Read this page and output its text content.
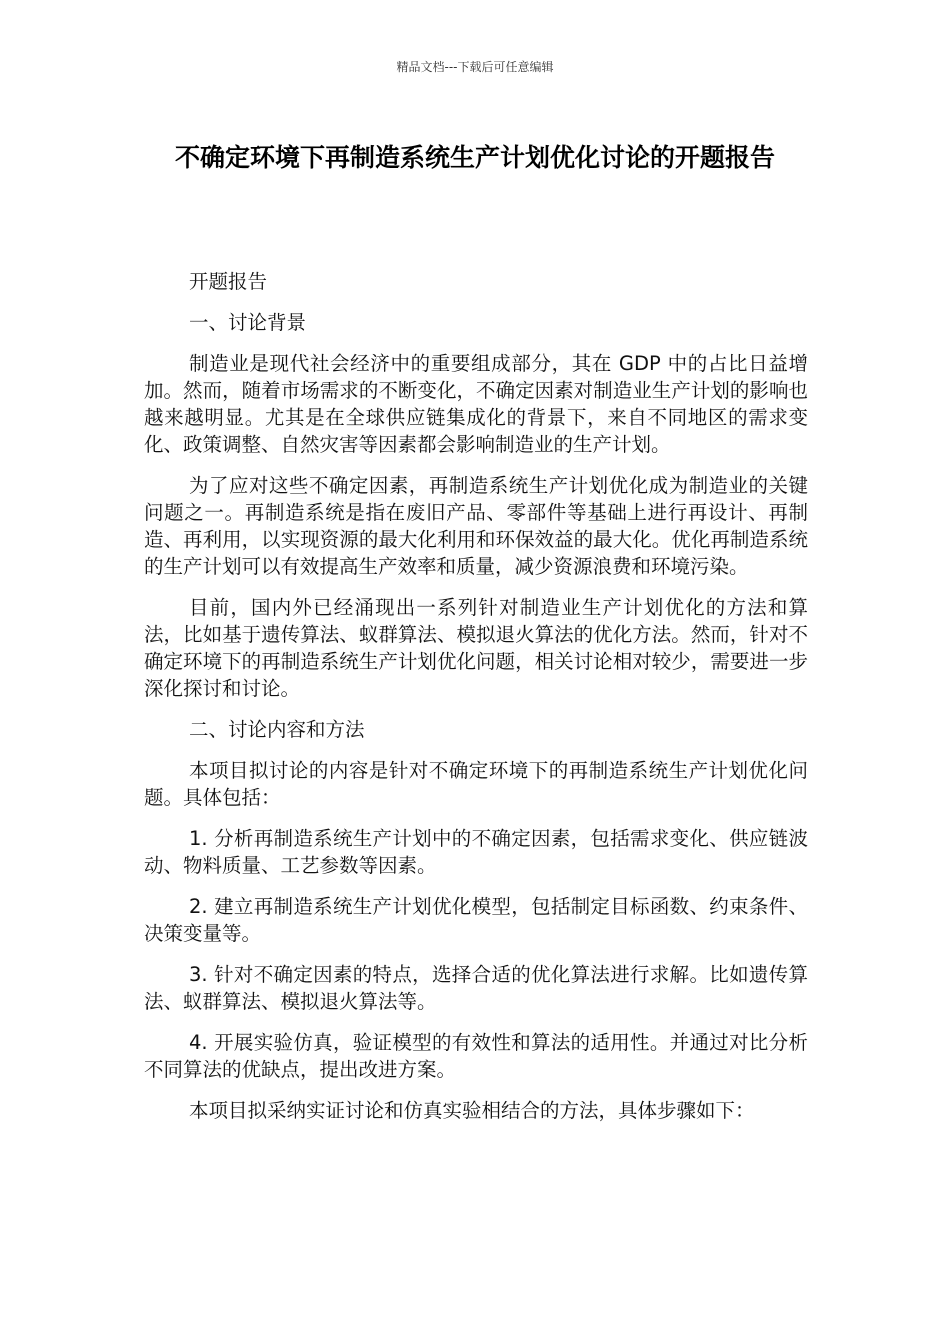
精品文档---下载后可任意编辑
不确定环境下再制造系统生产计划优化讨论的开题报告

开题报告

一、讨论背景

制造业是现代社会经济中的重要组成部分，其在 GDP 中的占比日益增加。然而，随着市场需求的不断变化，不确定因素对制造业生产计划的影响也越来越明显。尤其是在全球供应链集成化的背景下，来自不同地区的需求变化、政策调整、自然灾害等因素都会影响制造业的生产计划。

为了应对这些不确定因素，再制造系统生产计划优化成为制造业的关键问题之一。再制造系统是指在废旧产品、零部件等基础上进行再设计、再制造、再利用，以实现资源的最大化利用和环保效益的最大化。优化再制造系统的生产计划可以有效提高生产效率和质量，减少资源浪费和环境污染。

目前，国内外已经涌现出一系列针对制造业生产计划优化的方法和算法，比如基于遗传算法、蚁群算法、模拟退火算法的优化方法。然而，针对不确定环境下的再制造系统生产计划优化问题，相关讨论相对较少，需要进一步深化探讨和讨论。

二、讨论内容和方法

本项目拟讨论的内容是针对不确定环境下的再制造系统生产计划优化问题。具体包括：

1. 分析再制造系统生产计划中的不确定因素，包括需求变化、供应链波动、物料质量、工艺参数等因素。

2. 建立再制造系统生产计划优化模型，包括制定目标函数、约束条件、决策变量等。

3. 针对不确定因素的特点，选择合适的优化算法进行求解。比如遗传算法、蚁群算法、模拟退火算法等。

4. 开展实验仿真，验证模型的有效性和算法的适用性。并通过对比分析不同算法的优缺点，提出改进方案。

本项目拟采纳实证讨论和仿真实验相结合的方法，具体步骤如下：
